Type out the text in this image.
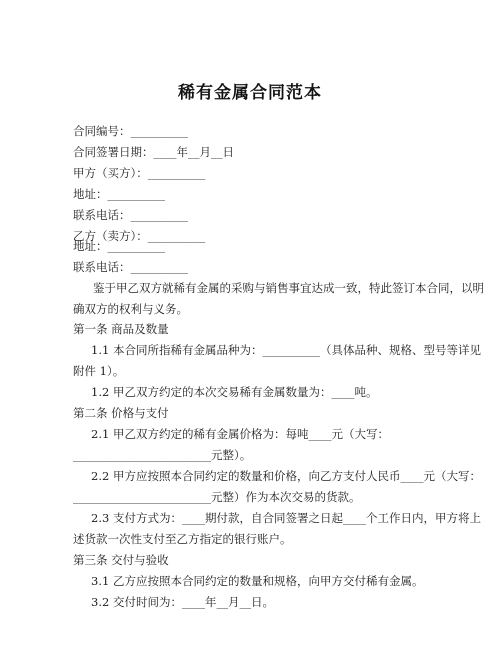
稀有金属合同范本
合同编号：__________
合同签署日期：____年__月__日
甲方（买方）：__________
地址：__________
联系电话：__________
乙方（卖方）：__________
地址：__________
联系电话：__________
鉴于甲乙双方就稀有金属的采购与销售事宜达成一致，特此签订本合同，以明
确双方的权利与义务。
第一条 商品及数量
1.1 本合同所指稀有金属品种为：__________（具体品种、规格、型号等详见
附件 1）。
1.2 甲乙双方约定的本次交易稀有金属数量为：____吨。
第二条 价格与支付
2.1 甲乙双方约定的稀有金属价格为：每吨____元（大写：
________________________元整）。
2.2 甲方应按照本合同约定的数量和价格，向乙方支付人民币____元（大写：
________________________元整）作为本次交易的货款。
2.3 支付方式为：____期付款，自合同签署之日起____个工作日内，甲方将上
述货款一次性支付至乙方指定的银行账户。
第三条 交付与验收
3.1 乙方应按照本合同约定的数量和规格，向甲方交付稀有金属。
3.2 交付时间为：____年__月__日。
